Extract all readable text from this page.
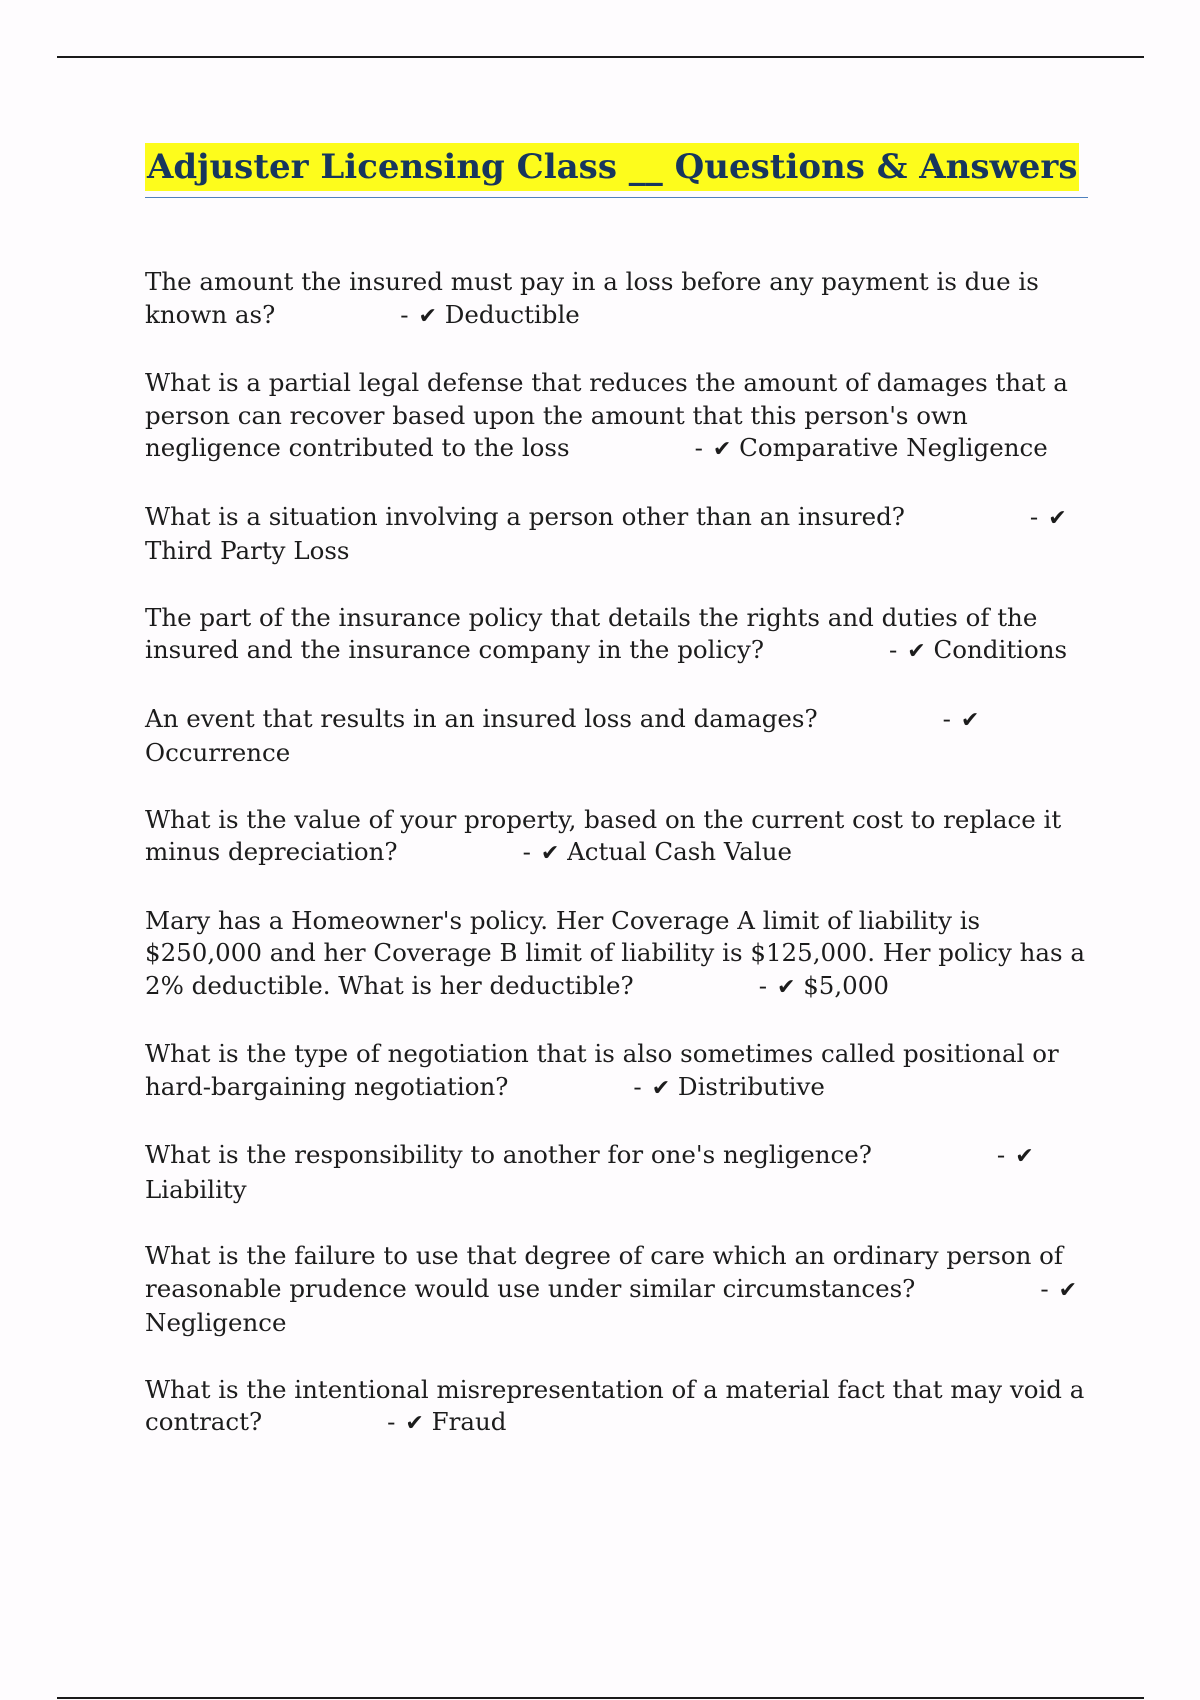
Adjuster Licensing Class __ Questions & Answers
The amount the insured must pay in a loss before any payment is due is known as?	- ✔ Deductible
What is a partial legal defense that reduces the amount of damages that a person can recover based upon the amount that this person's own negligence contributed to the loss	- ✔ Comparative Negligence
What is a situation involving a person other than an insured?	- ✔ Third Party Loss
The part of the insurance policy that details the rights and duties of the insured and the insurance company in the policy?	- ✔ Conditions
An event that results in an insured loss and damages?	- ✔ Occurrence
What is the value of your property, based on the current cost to replace it minus depreciation?	- ✔ Actual Cash Value
Mary has a Homeowner's policy. Her Coverage A limit of liability is $250,000 and her Coverage B limit of liability is $125,000. Her policy has a 2% deductible. What is her deductible?	- ✔ $5,000
What is the type of negotiation that is also sometimes called positional or hard-bargaining negotiation?	- ✔ Distributive
What is the responsibility to another for one's negligence?	- ✔ Liability
What is the failure to use that degree of care which an ordinary person of reasonable prudence would use under similar circumstances?	- ✔ Negligence
What is the intentional misrepresentation of a material fact that may void a contract?	- ✔ Fraud
